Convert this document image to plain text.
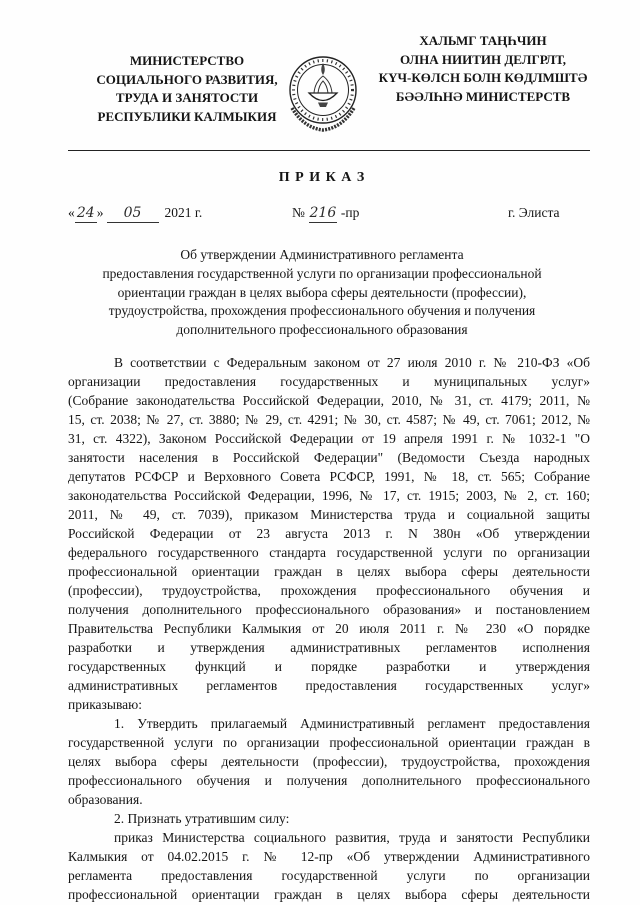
МИНИСТЕРСТВО
СОЦИАЛЬНОГО РАЗВИТИЯ,
ТРУДА И ЗАНЯТОСТИ
РЕСПУБЛИКИ КАЛМЫКИЯ
ХАЛЬМГ ТАҢҺЧИН
ОЛНА НИИТИН ДЕЛГРЛТ,
КҮЧ-КӨЛСН БОЛН КӨДЛМШТӘ
БӘӘЛҺНӘ МИНИСТЕРСТВ
П Р И К А З
« 24 » 05 2021 г.	№ 216 -пр	г. Элиста
Об утверждении Административного регламента
предоставления государственной услуги по организации профессиональной
ориентации граждан в целях выбора сферы деятельности (профессии),
трудоустройства, прохождения профессионального обучения и получения
дополнительного профессионального образования
В соответствии с Федеральным законом от 27 июля 2010 г. № 210-ФЗ «Об
организации предоставления государственных и муниципальных услуг»
(Собрание законодательства Российской Федерации, 2010, № 31, ст. 4179; 2011, №
15, ст. 2038; № 27, ст. 3880; № 29, ст. 4291; № 30, ст. 4587; № 49, ст. 7061; 2012, №
31, ст. 4322), Законом Российской Федерации от 19 апреля 1991 г. № 1032-1 "О
занятости населения в Российской Федерации" (Ведомости Съезда народных
депутатов РСФСР и Верховного Совета РСФСР, 1991, № 18, ст. 565; Собрание
законодательства Российской Федерации, 1996, № 17, ст. 1915; 2003, № 2, ст. 160;
2011, № 49, ст. 7039), приказом Министерства труда и социальной защиты
Российской Федерации от 23 августа 2013 г. N 380н «Об утверждении
федерального государственного стандарта государственной услуги по организации
профессиональной ориентации граждан в целях выбора сферы деятельности
(профессии), трудоустройства, прохождения профессионального обучения и
получения дополнительного профессионального образования» и постановлением
Правительства Республики Калмыкия от 20 июля 2011 г. № 230 «О порядке
разработки и утверждения административных регламентов исполнения
государственных функций и порядке разработки и утверждения
административных регламентов предоставления государственных услуг»
приказываю:
1. Утвердить прилагаемый Административный регламент предоставления
государственной услуги по организации профессиональной ориентации граждан в
целях выбора сферы деятельности (профессии), трудоустройства, прохождения
профессионального обучения и получения дополнительного профессионального
образования.
2. Признать утратившим силу:
приказ Министерства социального развития, труда и занятости Республики
Калмыкия от 04.02.2015 г. № 12-пр «Об утверждении Административного
регламента предоставления государственной услуги по организации
профессиональной ориентации граждан в целях выбора сферы деятельности
